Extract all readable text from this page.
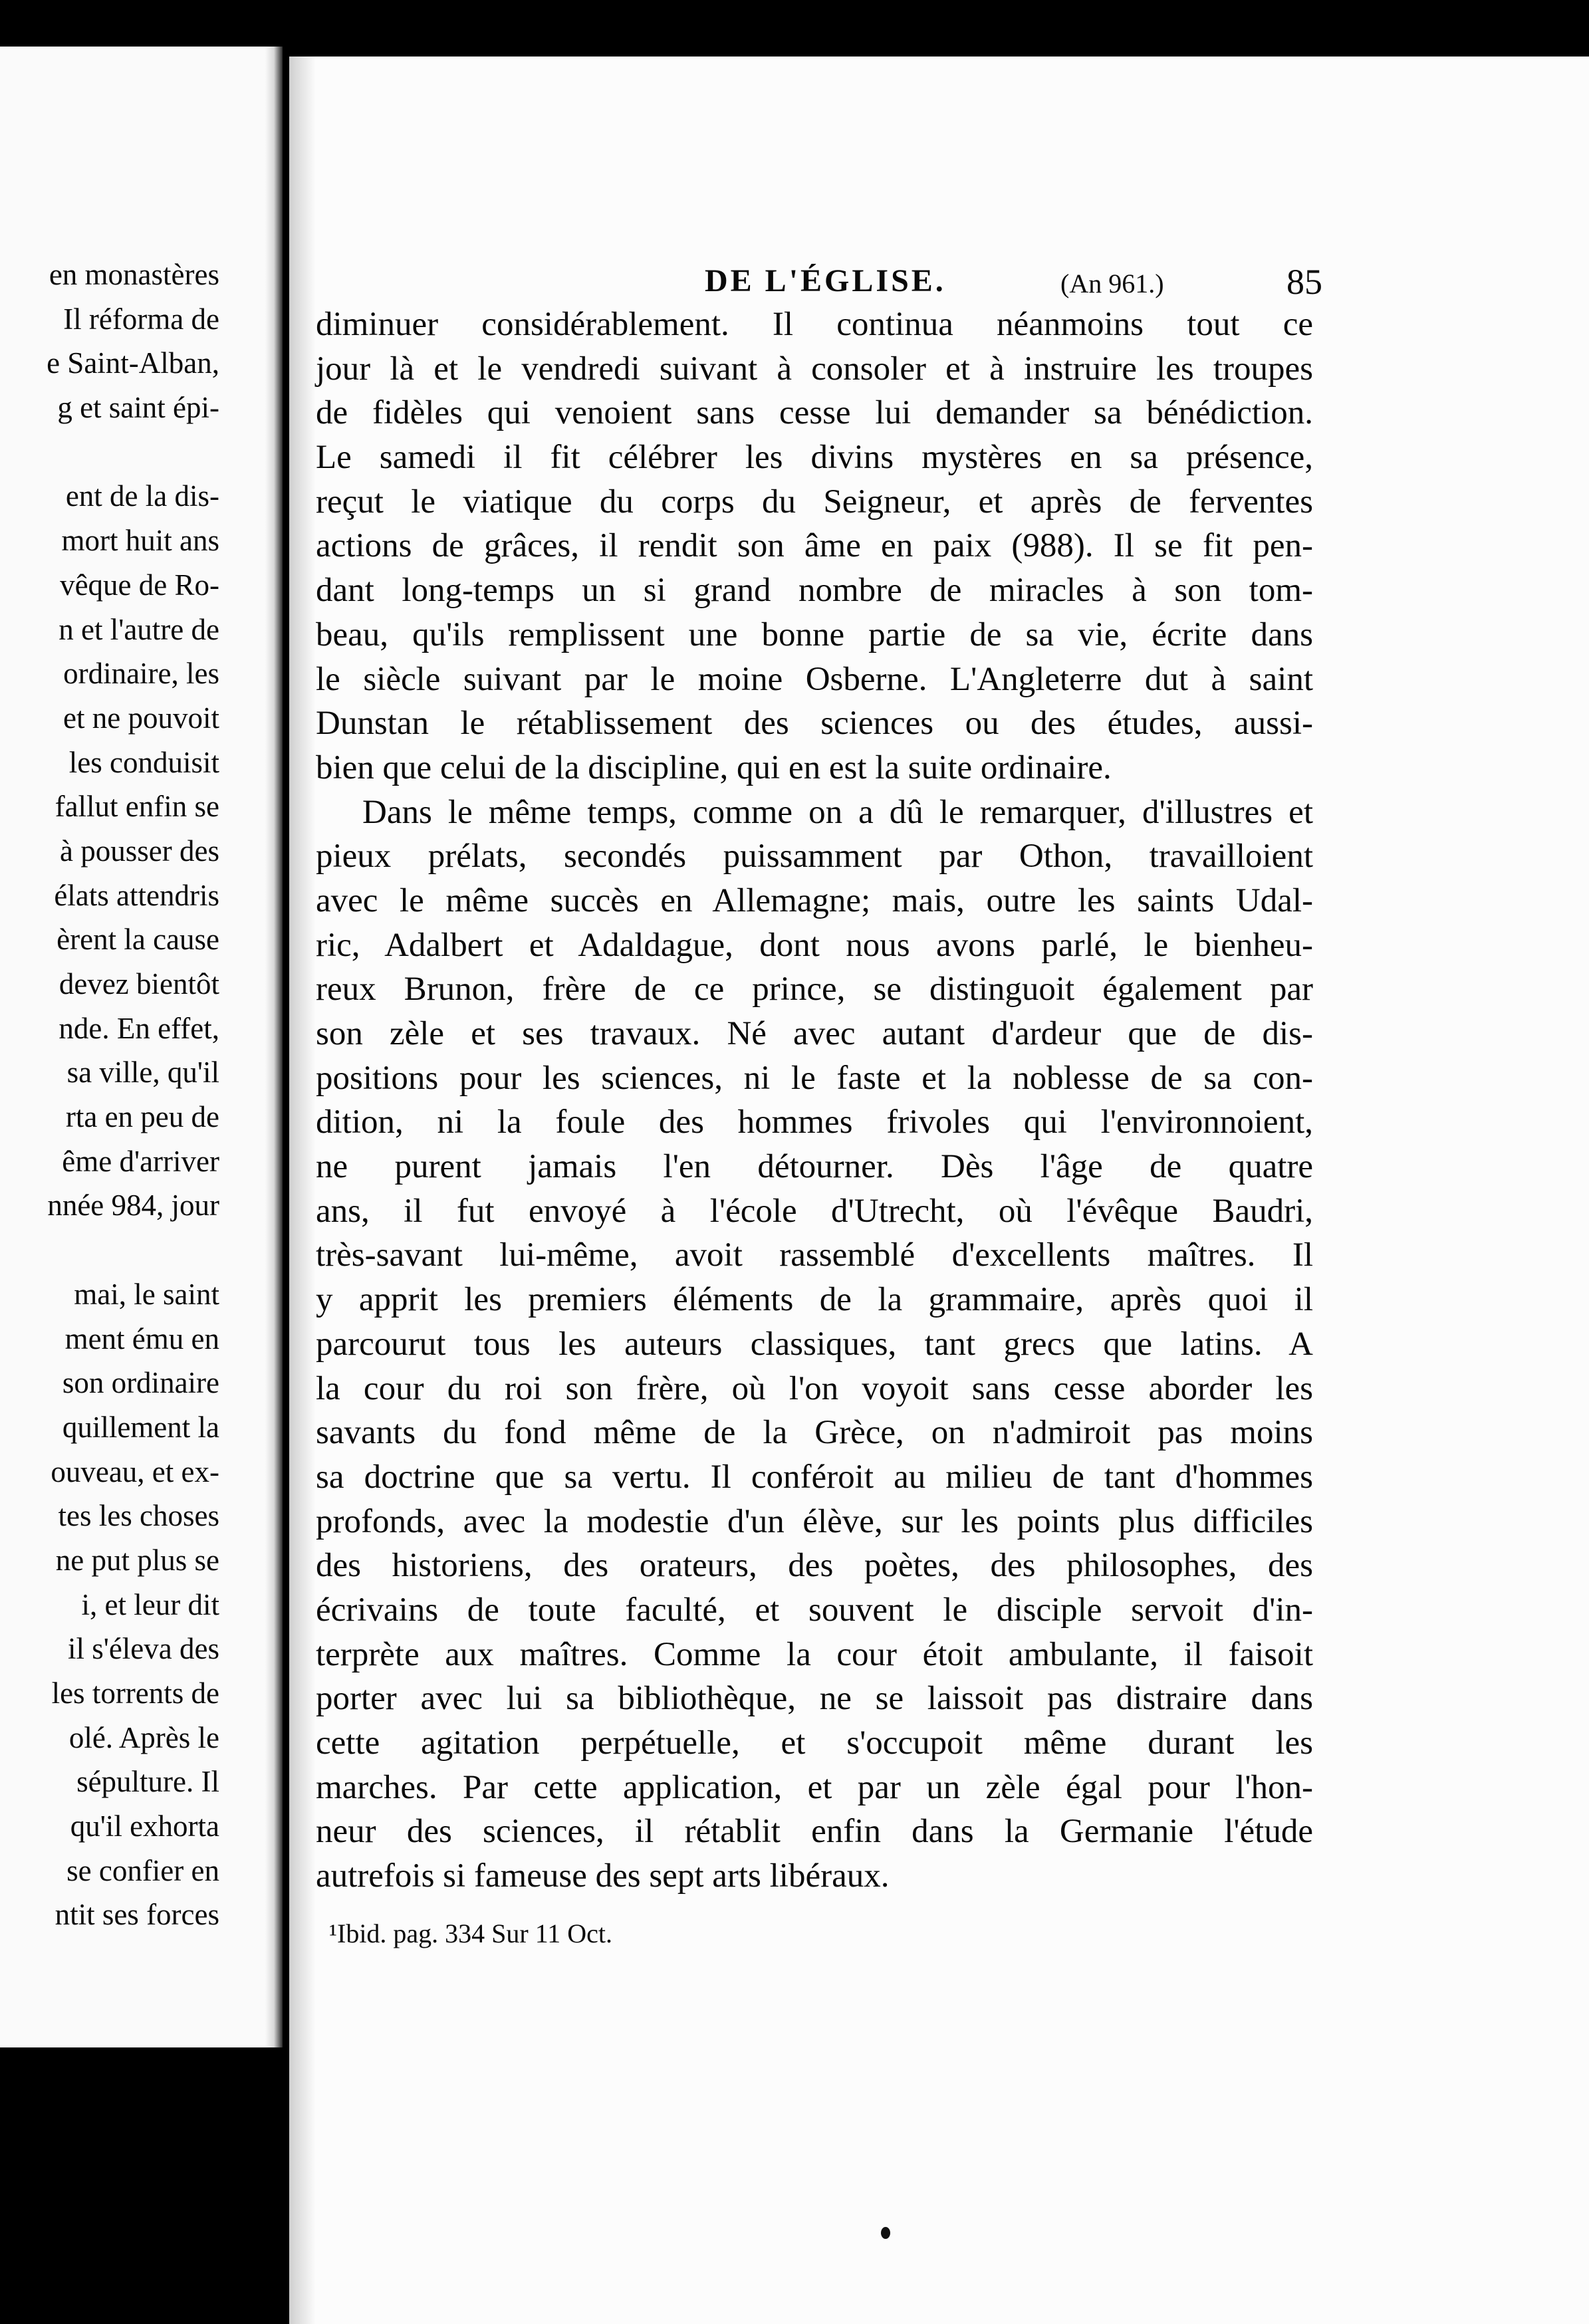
en monastères
Il réforma de
e Saint-Alban,
g et saint épi-
ent de la dis-
mort huit ans
vêque de Ro-
n et l'autre de
ordinaire, les
et ne pouvoit
les conduisit
fallut enfin se
à pousser des
élats attendris
èrent la cause
devez bientôt
nde. En effet,
sa ville, qu'il
rta en peu de
ême d'arriver
nnée 984, jour
mai, le saint
ment ému en
son ordinaire
quillement la
ouveau, et ex-
tes les choses
ne put plus se
i, et leur dit
il s'éleva des
les torrents de
olé. Après le
sépulture. Il
qu'il exhorta
se confier en
ntit ses forces
DE L'ÉGLISE.	(An 961.)	85
diminuer considérablement. Il continua néanmoins tout ce
jour là et le vendredi suivant à consoler et à instruire les troupes
de fidèles qui venoient sans cesse lui demander sa bénédiction.
Le samedi il fit célébrer les divins mystères en sa présence,
reçut le viatique du corps du Seigneur, et après de ferventes
actions de grâces, il rendit son âme en paix (988). Il se fit pen-
dant long-temps un si grand nombre de miracles à son tom-
beau, qu'ils remplissent une bonne partie de sa vie, écrite dans
le siècle suivant par le moine Osberne. L'Angleterre dut à saint
Dunstan le rétablissement des sciences ou des études, aussi-
bien que celui de la discipline, qui en est la suite ordinaire.
Dans le même temps, comme on a dû le remarquer, d'illustres et
pieux prélats, secondés puissamment par Othon, travailloient
avec le même succès en Allemagne; mais, outre les saints Udal-
ric, Adalbert et Adaldague, dont nous avons parlé, le bienheu-
reux Brunon, frère de ce prince, se distinguoit également par
son zèle et ses travaux. Né avec autant d'ardeur que de dis-
positions pour les sciences, ni le faste et la noblesse de sa con-
dition, ni la foule des hommes frivoles qui l'environnoient,
ne purent jamais l'en détourner. Dès l'âge de quatre
ans, il fut envoyé à l'école d'Utrecht, où l'évêque Baudri,
très-savant lui-même, avoit rassemblé d'excellents maîtres. Il
y apprit les premiers éléments de la grammaire, après quoi il
parcourut tous les auteurs classiques, tant grecs que latins. A
la cour du roi son frère, où l'on voyoit sans cesse aborder les
savants du fond même de la Grèce, on n'admiroit pas moins
sa doctrine que sa vertu. Il conféroit au milieu de tant d'hommes
profonds, avec la modestie d'un élève, sur les points plus difficiles
des historiens, des orateurs, des poètes, des philosophes, des
écrivains de toute faculté, et souvent le disciple servoit d'in-
terprète aux maîtres. Comme la cour étoit ambulante, il faisoit
porter avec lui sa bibliothèque, ne se laissoit pas distraire dans
cette agitation perpétuelle, et s'occupoit même durant les
marches. Par cette application, et par un zèle égal pour l'hon-
neur des sciences, il rétablit enfin dans la Germanie l'étude
autrefois si fameuse des sept arts libéraux.
¹Ibid. pag. 334 Sur 11 Oct.
